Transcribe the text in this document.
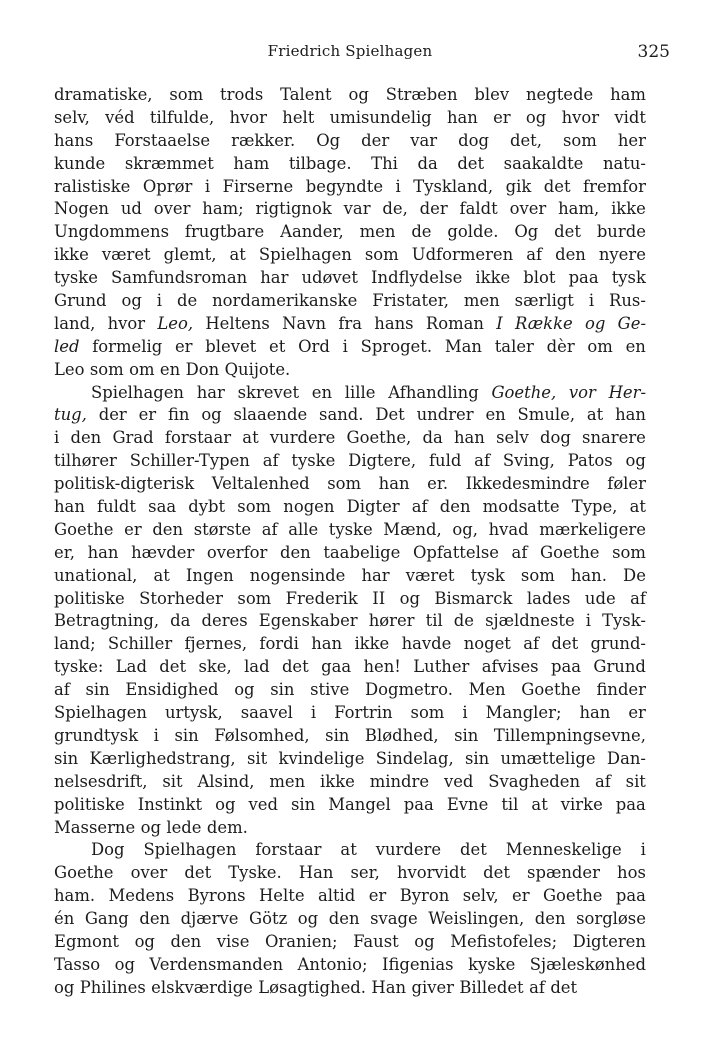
Friedrich Spielhagen	325
dramatiske, som trods Talent og Stræben blev negtede ham
selv, véd tilfulde, hvor helt umisundelig han er og hvor vidt
hans Forstaaelse rækker. Og der var dog det, som her
kunde skræmmet ham tilbage. Thi da det saakaldte natu-
ralistiske Oprør i Firserne begyndte i Tyskland, gik det fremfor
Nogen ud over ham; rigtignok var de, der faldt over ham, ikke
Ungdommens frugtbare Aander, men de golde. Og det burde
ikke været glemt, at Spielhagen som Udformeren af den nyere
tyske Samfundsroman har udøvet Indflydelse ikke blot paa tysk
Grund og i de nordamerikanske Fristater, men særligt i Rus-
land, hvor Leo, Heltens Navn fra hans Roman I Række og Ge-
led formelig er blevet et Ord i Sproget. Man taler dèr om en
Leo som om en Don Quijote.
Spielhagen har skrevet en lille Afhandling Goethe, vor Her-
tug, der er fin og slaaende sand. Det undrer en Smule, at han
i den Grad forstaar at vurdere Goethe, da han selv dog snarere
tilhører Schiller-Typen af tyske Digtere, fuld af Sving, Patos og
politisk-digterisk Veltalenhed som han er. Ikkedesmindre føler
han fuldt saa dybt som nogen Digter af den modsatte Type, at
Goethe er den største af alle tyske Mænd, og, hvad mærkeligere
er, han hævder overfor den taabelige Opfattelse af Goethe som
unational, at Ingen nogensinde har været tysk som han. De
politiske Storheder som Frederik II og Bismarck lades ude af
Betragtning, da deres Egenskaber hører til de sjældneste i Tysk-
land; Schiller fjernes, fordi han ikke havde noget af det grund-
tyske: Lad det ske, lad det gaa hen! Luther afvises paa Grund
af sin Ensidighed og sin stive Dogmetro. Men Goethe finder
Spielhagen urtysk, saavel i Fortrin som i Mangler; han er
grundtysk i sin Følsomhed, sin Blødhed, sin Tillempningsevne,
sin Kærlighedstrang, sit kvindelige Sindelag, sin umættelige Dan-
nelsesdrift, sit Alsind, men ikke mindre ved Svagheden af sit
politiske Instinkt og ved sin Mangel paa Evne til at virke paa
Masserne og lede dem.
Dog Spielhagen forstaar at vurdere det Menneskelige i
Goethe over det Tyske. Han ser, hvorvidt det spænder hos
ham. Medens Byrons Helte altid er Byron selv, er Goethe paa
én Gang den djærve Götz og den svage Weislingen, den sorgløse
Egmont og den vise Oranien; Faust og Mefistofeles; Digteren
Tasso og Verdensmanden Antonio; Ifigenias kyske Sjæleskønhed
og Philines elskværdige Løsagtighed. Han giver Billedet af det
